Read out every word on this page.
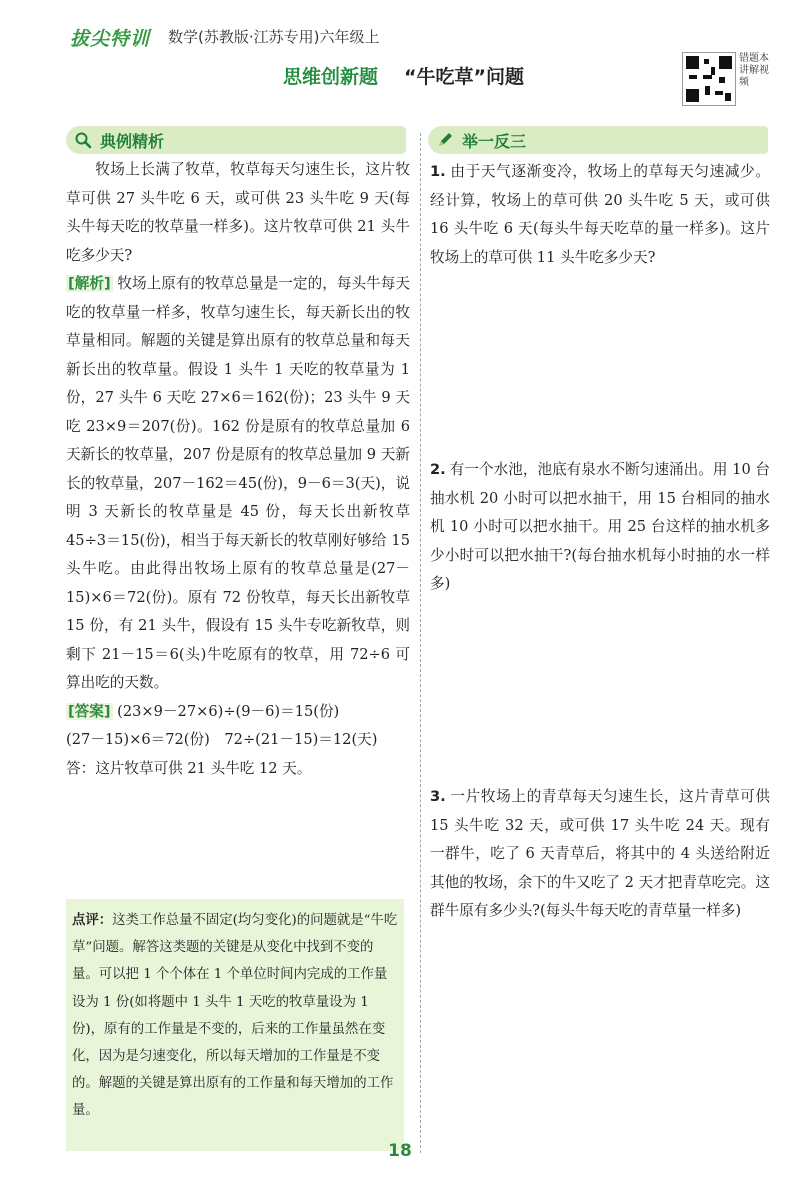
拔尖特训 数学(苏教版·江苏专用)六年级上
思维创新题 “牛吃草”问题
错题本 讲解视频
典例精析	举一反三

牧场上长满了牧草，牧草每天匀速生长，这片牧草可供 27 头牛吃 6 天，或可供 23 头牛吃 9 天(每头牛每天吃的牧草量一样多)。这片牧草可供 21 头牛吃多少天?

[解析] 牧场上原有的牧草总量是一定的，每头牛每天吃的牧草量一样多，牧草匀速生长，每天新长出的牧草量相同。解题的关键是算出原有的牧草总量和每天新长出的牧草量。假设 1 头牛 1 天吃的牧草量为 1 份，27 头牛 6 天吃 27×6＝162(份)；23 头牛 9 天吃 23×9＝207(份)。162 份是原有的牧草总量加 6 天新长的牧草量，207 份是原有的牧草总量加 9 天新长的牧草量，207－162＝45(份)，9－6＝3(天)，说明 3 天新长的牧草量是 45 份，每天长出新牧草 45÷3＝15(份)，相当于每天新长的牧草刚好够给 15 头牛吃。由此得出牧场上原有的牧草总量是(27－15)×6＝72(份)。原有 72 份牧草，每天长出新牧草 15 份，有 21 头牛，假设有 15 头牛专吃新牧草，则剩下 21－15＝6(头)牛吃原有的牧草，用 72÷6 可算出吃的天数。

[答案] (23×9－27×6)÷(9－6)＝15(份)

(27－15)×6＝72(份)　72÷(21－15)＝12(天)

答：这片牧草可供 21 头牛吃 12 天。

点评：这类工作总量不固定(均匀变化)的问题就是“牛吃草”问题。解答这类题的关键是从变化中找到不变的量。可以把 1 个个体在 1 个单位时间内完成的工作量设为 1 份(如将题中 1 头牛 1 天吃的牧草量设为 1 份)，原有的工作量是不变的，后来的工作量虽然在变化，因为是匀速变化，所以每天增加的工作量是不变的。解题的关键是算出原有的工作量和每天增加的工作量。

1. 由于天气逐渐变冷，牧场上的草每天匀速减少。经计算，牧场上的草可供 20 头牛吃 5 天，或可供 16 头牛吃 6 天(每头牛每天吃草的量一样多)。这片牧场上的草可供 11 头牛吃多少天?

2. 有一个水池，池底有泉水不断匀速涌出。用 10 台抽水机 20 小时可以把水抽干，用 15 台相同的抽水机 10 小时可以把水抽干。用 25 台这样的抽水机多少小时可以把水抽干?(每台抽水机每小时抽的水一样多)

3. 一片牧场上的青草每天匀速生长，这片青草可供 15 头牛吃 32 天，或可供 17 头牛吃 24 天。现有一群牛，吃了 6 天青草后，将其中的 4 头送给附近其他的牧场，余下的牛又吃了 2 天才把青草吃完。这群牛原有多少头?(每头牛每天吃的青草量一样多)

18
